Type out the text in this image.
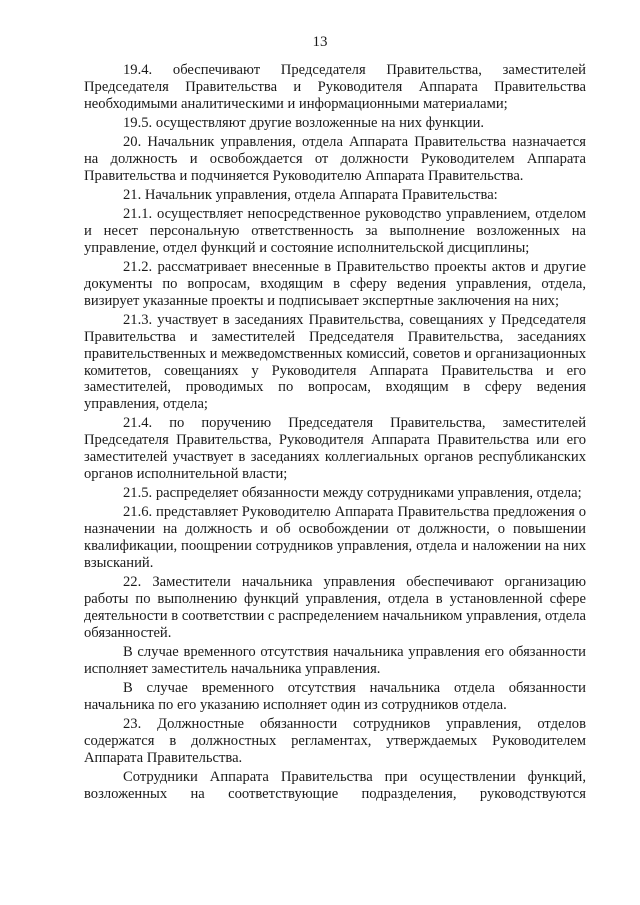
13

19.4. обеспечивают Председателя Правительства, заместителей Председателя Правительства и Руководителя Аппарата Правительства необходимыми аналитическими и информационными материалами;

19.5. осуществляют другие возложенные на них функции.

20. Начальник управления, отдела Аппарата Правительства назначается на должность и освобождается от должности Руководителем Аппарата Правительства и подчиняется Руководителю Аппарата Правительства.

21. Начальник управления, отдела Аппарата Правительства:

21.1. осуществляет непосредственное руководство управлением, отделом и несет персональную ответственность за выполнение возложенных на управление, отдел функций и состояние исполнительской дисциплины;

21.2. рассматривает внесенные в Правительство проекты актов и другие документы по вопросам, входящим в сферу ведения управления, отдела, визирует указанные проекты и подписывает экспертные заключения на них;

21.3. участвует в заседаниях Правительства, совещаниях у Председателя Правительства и заместителей Председателя Правительства, заседаниях правительственных и межведомственных комиссий, советов и организационных комитетов, совещаниях у Руководителя Аппарата Правительства и его заместителей, проводимых по вопросам, входящим в сферу ведения управления, отдела;

21.4. по поручению Председателя Правительства, заместителей Председателя Правительства, Руководителя Аппарата Правительства или его заместителей участвует в заседаниях коллегиальных органов республиканских органов исполнительной власти;

21.5. распределяет обязанности между сотрудниками управления, отдела;

21.6. представляет Руководителю Аппарата Правительства предложения о назначении на должность и об освобождении от должности, о повышении квалификации, поощрении сотрудников управления, отдела и наложении на них взысканий.

22. Заместители начальника управления обеспечивают организацию работы по выполнению функций управления, отдела в установленной сфере деятельности в соответствии с распределением начальником управления, отдела обязанностей.

В случае временного отсутствия начальника управления его обязанности исполняет заместитель начальника управления.

В случае временного отсутствия начальника отдела обязанности начальника по его указанию исполняет один из сотрудников отдела.

23. Должностные обязанности сотрудников управления, отделов содержатся в должностных регламентах, утверждаемых Руководителем Аппарата Правительства.

Сотрудники Аппарата Правительства при осуществлении функций, возложенных на соответствующие подразделения, руководствуются
